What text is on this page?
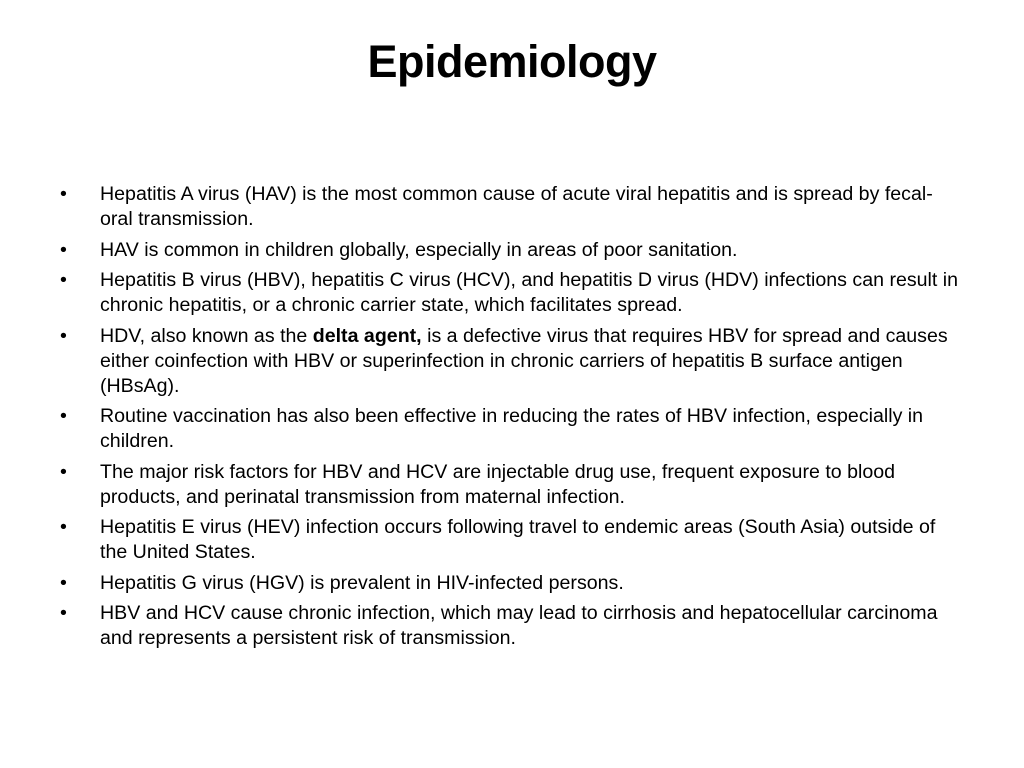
Epidemiology
•	Hepatitis A virus (HAV) is the most common cause of acute viral hepatitis and is spread by fecal-oral transmission.
•	HAV is common in children globally, especially in areas of poor sanitation.
•	Hepatitis B virus (HBV), hepatitis C virus (HCV), and hepatitis D virus (HDV) infections can result in chronic hepatitis, or a chronic carrier state, which facilitates spread.
•	HDV, also known as the delta agent, is a defective virus that requires HBV for spread and causes either coinfection with HBV or superinfection in chronic carriers of hepatitis B surface antigen (HBsAg).
•	Routine vaccination has also been effective in reducing the rates of HBV infection, especially in children.
•	The major risk factors for HBV and HCV are injectable drug use, frequent exposure to blood products, and perinatal transmission from maternal infection.
•	Hepatitis E virus (HEV) infection occurs following travel to endemic areas (South Asia) outside of the United States.
•	Hepatitis G virus (HGV) is prevalent in HIV-infected persons.
•	HBV and HCV cause chronic infection, which may lead to cirrhosis and hepatocellular carcinoma and represents a persistent risk of transmission.
